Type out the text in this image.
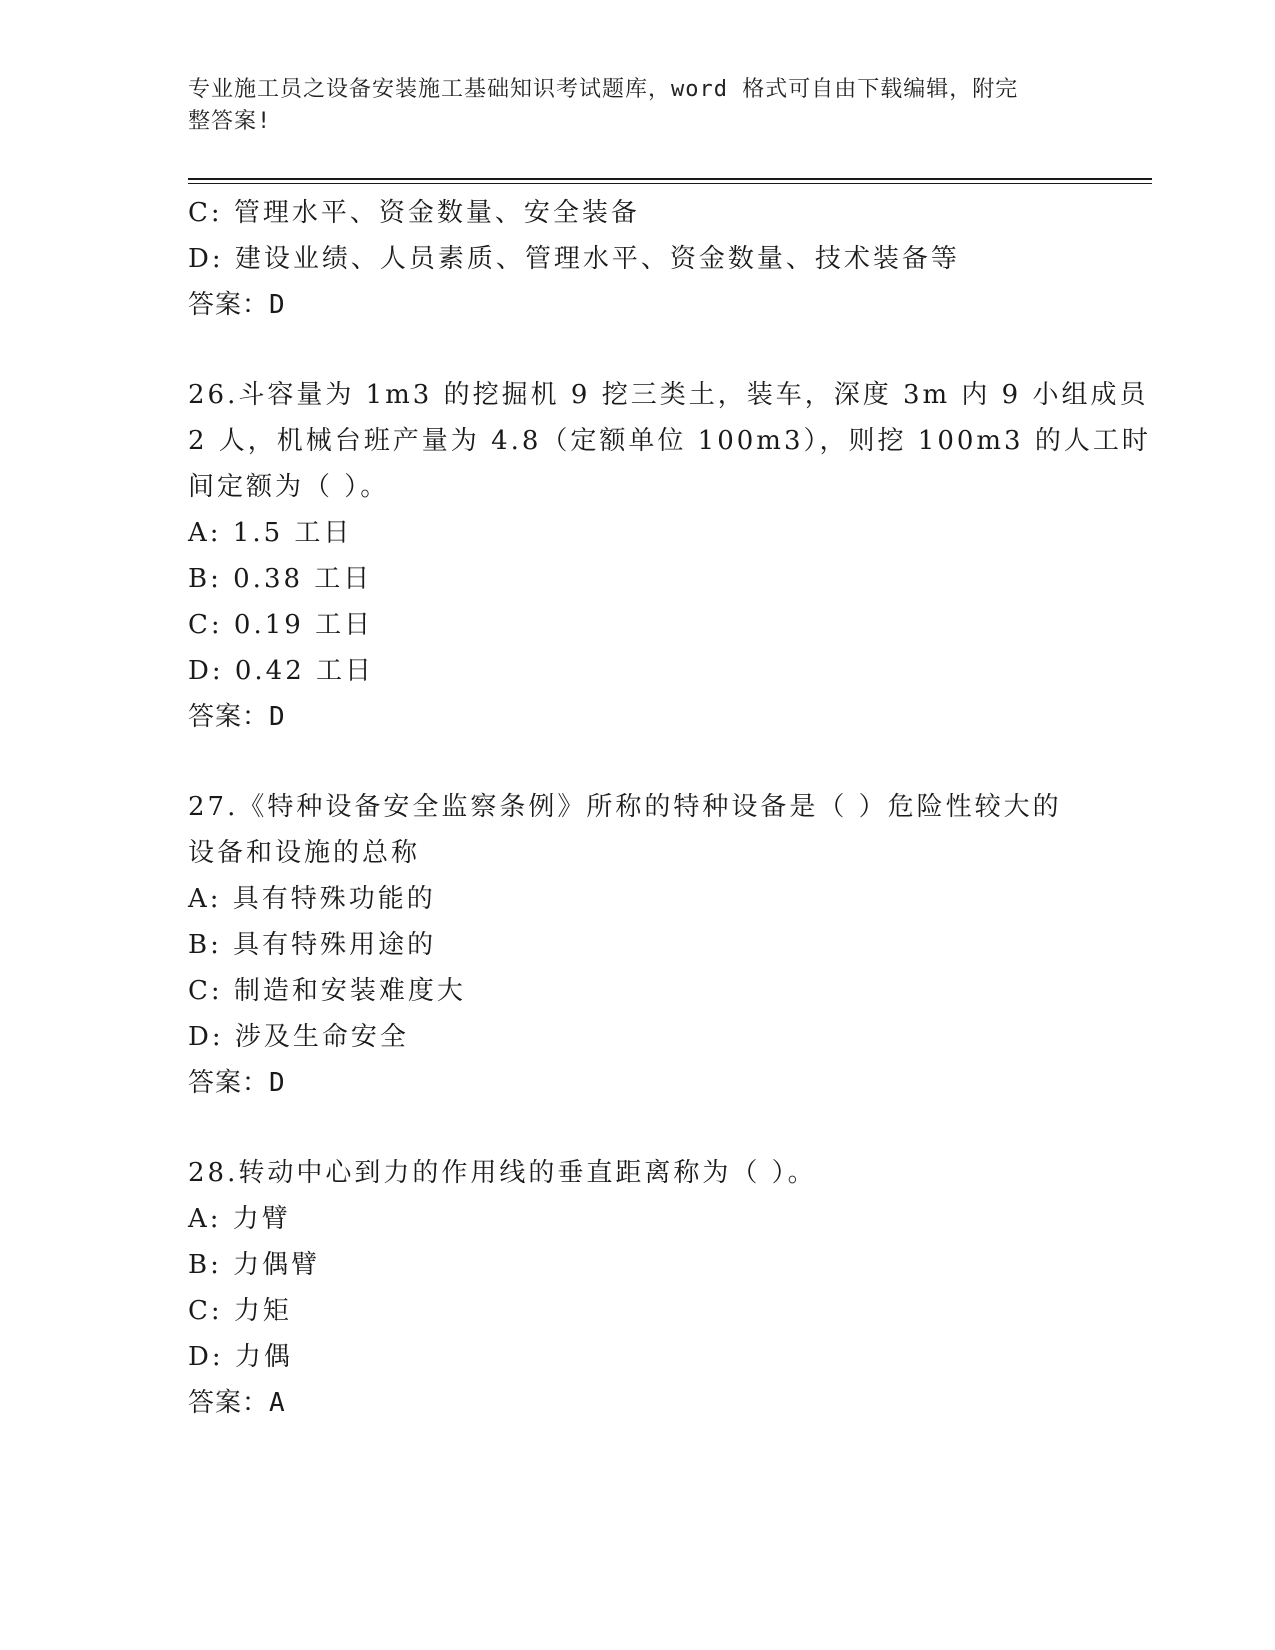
专业施工员之设备安装施工基础知识考试题库，word 格式可自由下载编辑，附完
整答案!
C: 管理水平、资金数量、安全装备
D: 建设业绩、人员素质、管理水平、资金数量、技术装备等
答案：D
26.斗容量为 1m3 的挖掘机 9 挖三类土，装车，深度 3m 内 9 小组成员
2 人，机械台班产量为 4.8（定额单位 100m3），则挖 100m3 的人工时
间定额为（ ）。
A: 1.5 工日
B: 0.38 工日
C: 0.19 工日
D: 0.42 工日
答案：D
27.《特种设备安全监察条例》所称的特种设备是（ ）危险性较大的
设备和设施的总称
A: 具有特殊功能的
B: 具有特殊用途的
C: 制造和安装难度大
D: 涉及生命安全
答案：D
28.转动中心到力的作用线的垂直距离称为（ ）。
A: 力臂
B: 力偶臂
C: 力矩
D: 力偶
答案：A
